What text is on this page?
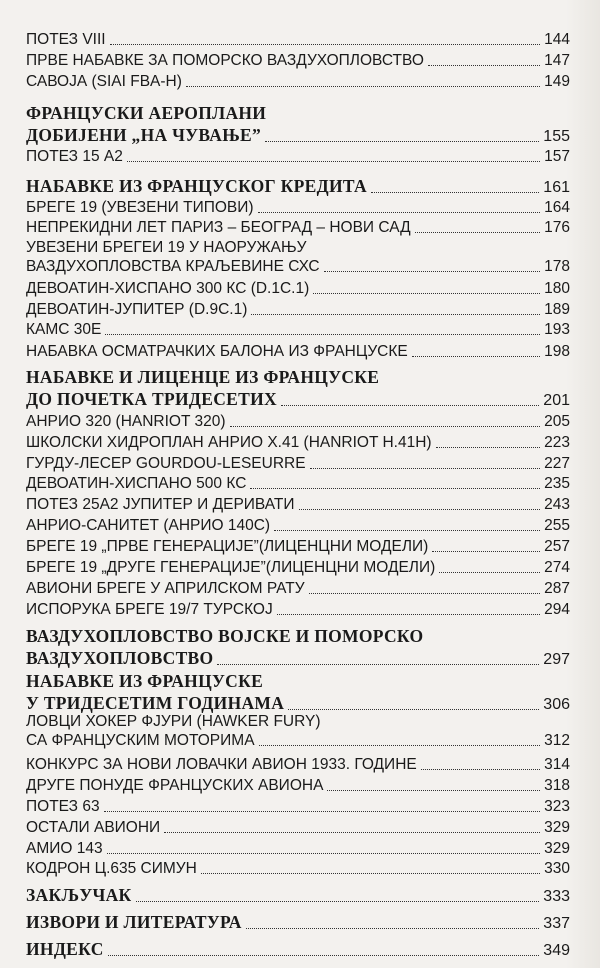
ПОТЕЗ VIII	144
ПРВЕ НАБАВКЕ ЗА ПОМОРСКО ВАЗДУХОПЛОВСТВО	147
САВОЈА (SIAI FBA-H)	149
ФРАНЦУСКИ АЕРОПЛАНИ
ДОБИЈЕНИ „НА ЧУВАЊЕ”	155
ПОТЕЗ 15 А2	157
НАБАВКЕ ИЗ ФРАНЦУСКОГ КРЕДИТА	161
БРЕГЕ 19 (УВЕЗЕНИ ТИПОВИ)	164
НЕПРЕКИДНИ ЛЕТ ПАРИЗ – БЕОГРАД – НОВИ САД	176
УВЕЗЕНИ БРЕГЕИ 19 У НАОРУЖАЊУ
ВАЗДУХОПЛОВСТВА КРАЉЕВИНЕ СХС	178
ДЕВОАТИН-ХИСПАНО 300 КС (D.1C.1)	180
ДЕВОАТИН-ЈУПИТЕР (D.9C.1)	189
КАМС 30Е	193
НАБАВКА ОСМАТРАЧКИХ БАЛОНА ИЗ ФРАНЦУСКЕ	198
НАБАВКЕ И ЛИЦЕНЦЕ ИЗ ФРАНЦУСКЕ
ДО ПОЧЕТКА ТРИДЕСЕТИХ	201
АНРИО 320 (HANRIOT 320)	205
ШКОЛСКИ ХИДРОПЛАН АНРИО Х.41 (HANRIOT H.41H)	223
ГУРДУ-ЛЕСЕР GOURDOU-LESEURRE	227
ДЕВОАТИН-ХИСПАНО 500 КС	235
ПОТЕЗ 25А2 ЈУПИТЕР И ДЕРИВАТИ	243
АНРИО-САНИТЕТ (АНРИО 140С)	255
БРЕГЕ 19 „ПРВЕ ГЕНЕРАЦИЈЕ”(ЛИЦЕНЦНИ МОДЕЛИ)	257
БРЕГЕ 19 „ДРУГЕ ГЕНЕРАЦИЈЕ”(ЛИЦЕНЦНИ МОДЕЛИ)	274
АВИОНИ БРЕГЕ У АПРИЛСКОМ РАТУ	287
ИСПОРУКА БРЕГЕ 19/7 ТУРСКОЈ	294
ВАЗДУХОПЛОВСТВО ВОЈСКЕ И ПОМОРСКО
ВАЗДУХОПЛОВСТВО	297
НАБАВКЕ ИЗ ФРАНЦУСКЕ
У ТРИДЕСЕТИМ ГОДИНАМА	306
ЛОВЦИ ХОКЕР ФЈУРИ (HAWKER FURY)
СА ФРАНЦУСКИМ МОТОРИМА	312
КОНКУРС ЗА НОВИ ЛОВАЧКИ АВИОН 1933. ГОДИНЕ	314
ДРУГЕ ПОНУДЕ ФРАНЦУСКИХ АВИОНА	318
ПОТЕЗ 63	323
ОСТАЛИ АВИОНИ	329
АМИО 143	329
КОДРОН Ц.635 СИМУН	330
ЗАКЉУЧАК	333
ИЗВОРИ И ЛИТЕРАТУРА	337
ИНДЕКС	349
